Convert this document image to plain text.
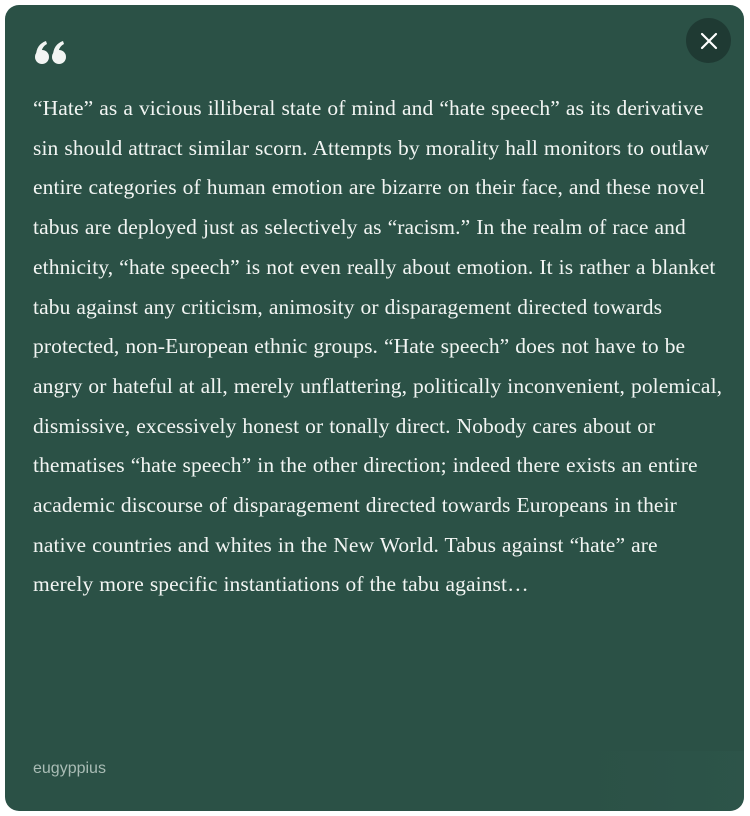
“Hate” as a vicious illiberal state of mind and “hate speech” as its derivative sin should attract similar scorn. Attempts by morality hall monitors to outlaw entire categories of human emotion are bizarre on their face, and these novel tabus are deployed just as selectively as “racism.” In the realm of race and ethnicity, “hate speech” is not even really about emotion. It is rather a blanket tabu against any criticism, animosity or disparagement directed towards protected, non-European ethnic groups. “Hate speech” does not have to be angry or hateful at all, merely unflattering, politically inconvenient, polemical, dismissive, excessively honest or tonally direct. Nobody cares about or thematises “hate speech” in the other direction; indeed there exists an entire academic discourse of disparagement directed towards Europeans in their native countries and whites in the New World. Tabus against “hate” are merely more specific instantiations of the tabu against…

eugyppius
